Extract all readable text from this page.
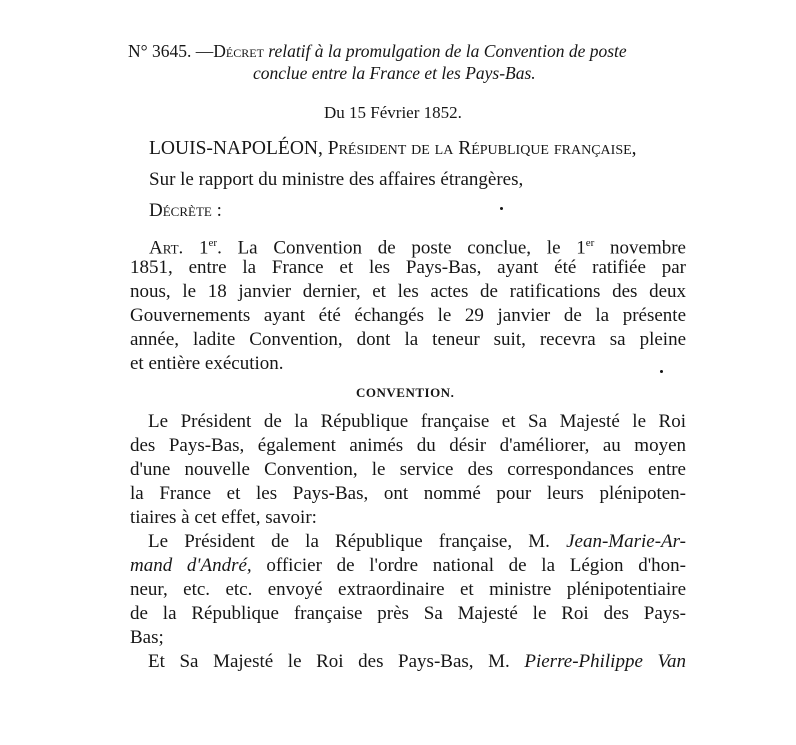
N° 3645. —Décret relatif à la promulgation de la Convention de poste
conclue entre la France et les Pays-Bas.
Du 15 Février 1852.
LOUIS-NAPOLÉON, Président de la République française,
Sur le rapport du ministre des affaires étrangères,
Décrète :
Art. 1er. La Convention de poste conclue, le 1er novembre
1851, entre la France et les Pays-Bas, ayant été ratifiée par
nous, le 18 janvier dernier, et les actes de ratifications des deux
Gouvernements ayant été échangés le 29 janvier de la présente
année, ladite Convention, dont la teneur suit, recevra sa pleine
et entière exécution.
CONVENTION.
Le Président de la République française et Sa Majesté le Roi
des Pays-Bas, également animés du désir d'améliorer, au moyen
d'une nouvelle Convention, le service des correspondances entre
la France et les Pays-Bas, ont nommé pour leurs plénipoten-
tiaires à cet effet, savoir:
Le Président de la République française, M. Jean-Marie-Ar-
mand d'André, officier de l'ordre national de la Légion d'hon-
neur, etc. etc. envoyé extraordinaire et ministre plénipotentiaire
de la République française près Sa Majesté le Roi des Pays-
Bas;
Et Sa Majesté le Roi des Pays-Bas, M. Pierre-Philippe Van
